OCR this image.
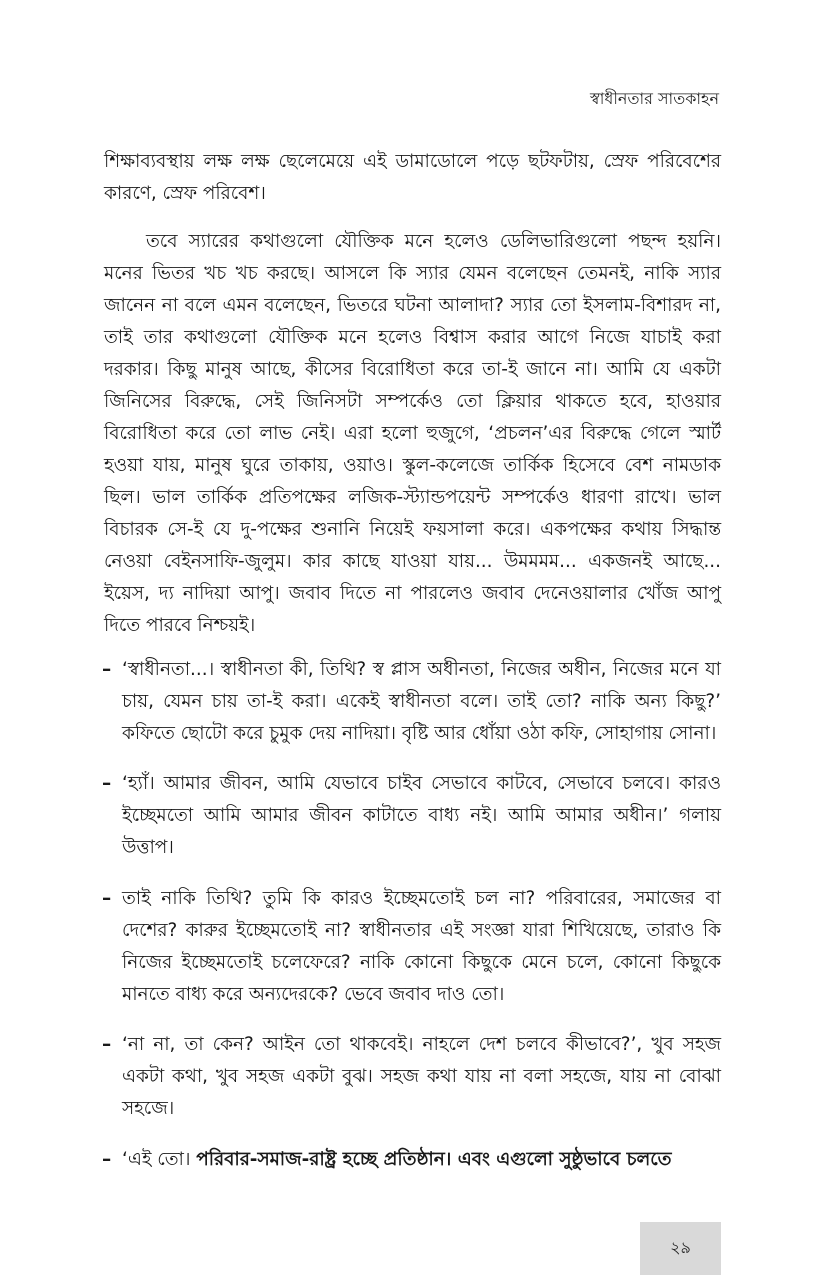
স্বাধীনতার সাতকাহন

শিক্ষাব্যবস্থায় লক্ষ লক্ষ ছেলেমেয়ে এই ডামাডোলে পড়ে ছটফটায়, স্রেফ পরিবেশের কারণে, স্রেফ পরিবেশ।

তবে স্যারের কথাগুলো যৌক্তিক মনে হলেও ডেলিভারিগুলো পছন্দ হয়নি। মনের ভিতর খচ খচ করছে। আসলে কি স্যার যেমন বলেছেন তেমনই, নাকি স্যার জানেন না বলে এমন বলেছেন, ভিতরে ঘটনা আলাদা? স্যার তো ইসলাম-বিশারদ না, তাই তার কথাগুলো যৌক্তিক মনে হলেও বিশ্বাস করার আগে নিজে যাচাই করা দরকার। কিছু মানুষ আছে, কীসের বিরোধিতা করে তা-ই জানে না। আমি যে একটা জিনিসের বিরুদ্ধে, সেই জিনিসটা সম্পর্কেও তো ক্লিয়ার থাকতে হবে, হাওয়ার বিরোধিতা করে তো লাভ নেই। এরা হলো হুজুগে, ‘প্রচলন’এর বিরুদ্ধে গেলে স্মার্ট হওয়া যায়, মানুষ ঘুরে তাকায়, ওয়াও। স্কুল-কলেজে তার্কিক হিসেবে বেশ নামডাক ছিল। ভাল তার্কিক প্রতিপক্ষের লজিক-স্ট্যান্ডপয়েন্ট সম্পর্কেও ধারণা রাখে। ভাল বিচারক সে-ই যে দু-পক্ষের শুনানি নিয়েই ফয়সালা করে। একপক্ষের কথায় সিদ্ধান্ত নেওয়া বেইনসাফি-জুলুম। কার কাছে যাওয়া যায়... উমমমম... একজনই আছে... ইয়েস, দ্য নাদিয়া আপু। জবাব দিতে না পারলেও জবাব দেনেওয়ালার খোঁজ আপু দিতে পারবে নিশ্চয়ই।

– ‘স্বাধীনতা...। স্বাধীনতা কী, তিথি? স্ব প্লাস অধীনতা, নিজের অধীন, নিজের মনে যা চায়, যেমন চায় তা-ই করা। একেই স্বাধীনতা বলে। তাই তো? নাকি অন্য কিছু?’ কফিতে ছোটো করে চুমুক দেয় নাদিয়া। বৃষ্টি আর ধোঁয়া ওঠা কফি, সোহাগায় সোনা।

– ‘হ্যাঁ। আমার জীবন, আমি যেভাবে চাইব সেভাবে কাটবে, সেভাবে চলবে। কারও ইচ্ছেমতো আমি আমার জীবন কাটাতে বাধ্য নই। আমি আমার অধীন।’ গলায় উত্তাপ।

– তাই নাকি তিথি? তুমি কি কারও ইচ্ছেমতোই চল না? পরিবারের, সমাজের বা দেশের? কারুর ইচ্ছেমতোই না? স্বাধীনতার এই সংজ্ঞা যারা শিখিয়েছে, তারাও কি নিজের ইচ্ছেমতোই চলেফেরে? নাকি কোনো কিছুকে মেনে চলে, কোনো কিছুকে মানতে বাধ্য করে অন্যদেরকে? ভেবে জবাব দাও তো।

– ‘না না, তা কেন? আইন তো থাকবেই। নাহলে দেশ চলবে কীভাবে?’, খুব সহজ একটা কথা, খুব সহজ একটা বুঝ। সহজ কথা যায় না বলা সহজে, যায় না বোঝা সহজে।

– ‘এই তো। পরিবার-সমাজ-রাষ্ট্র হচ্ছে প্রতিষ্ঠান। এবং এগুলো সুষ্ঠুভাবে চলতে

২৯
